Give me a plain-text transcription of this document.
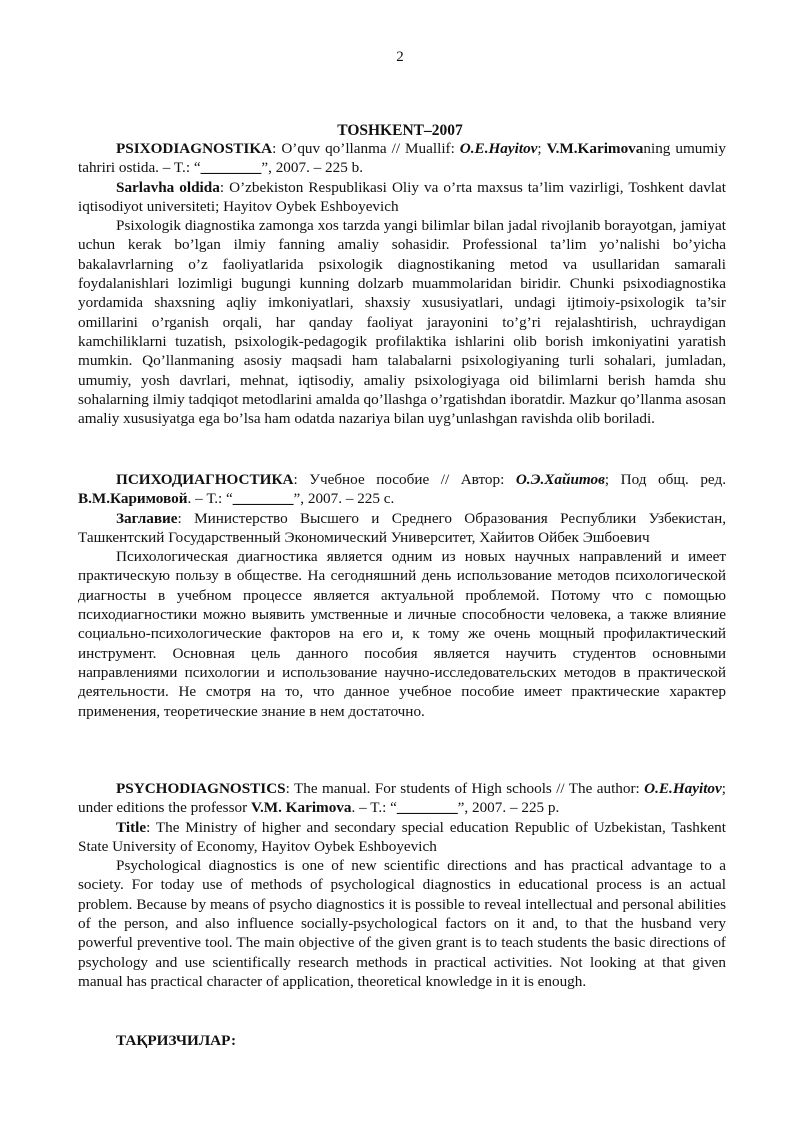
2
TOSHKENT–2007

PSIXODIAGNOSTIKA: O’quv qo’llanma // Muallif: O.E.Hayitov; V.M.Karimovaning umumiy tahriri ostida. – T.: “________”, 2007. – 225 b.

Sarlavha oldida: O’zbekiston Respublikasi Oliy va o’rta maxsus ta’lim vazirligi, Toshkent davlat iqtisodiyot universiteti; Hayitov Oybek Eshboyevich

Psixologik diagnostika zamonga xos tarzda yangi bilimlar bilan jadal rivojlanib borayotgan, jamiyat uchun kerak bo’lgan ilmiy fanning amaliy sohasidir. Professional ta’lim yo’nalishi bo’yicha bakalavrlarning o’z faoliyatlarida psixologik diagnostikaning metod va usullaridan samarali foydalanishlari lozimligi bugungi kunning dolzarb muammolaridan biridir. Chunki psixodiagnostika yordamida shaxsning aqliy imkoniyatlari, shaxsiy xususiyatlari, undagi ijtimoiy-psixologik ta’sir omillarini o’rganish orqali, har qanday faoliyat jarayonini to’g’ri rejalashtirish, uchraydigan kamchiliklarni tuzatish, psixologik-pedagogik profilaktika ishlarini olib borish imkoniyatini yaratish mumkin. Qo’llanmaning asosiy maqsadi ham talabalarni psixologiyaning turli sohalari, jumladan, umumiy, yosh davrlari, mehnat, iqtisodiy, amaliy psixologiyaga oid bilimlarni berish hamda shu sohalarning ilmiy tadqiqot metodlarini amalda qo’llashga o’rgatishdan iboratdir. Mazkur qo’llanma asosan amaliy xususiyatga ega bo’lsa ham odatda nazariya bilan uyg’unlashgan ravishda olib boriladi.

ПСИХОДИАГНОСТИКА: Учебное пособие // Автор: О.Э.Хайитов; Под общ. ред. В.М.Каримовой. – Т.: “________”, 2007. – 225 с.

Заглавие: Министерство Высшего и Среднего Образования Республики Узбекистан, Ташкентский Государственный Экономический Университет, Хайитов Ойбек Эшбоевич

Психологическая диагностика является одним из новых научных направлений и имеет практическую пользу в обществе. На сегодняшний день использование методов психологической диагносты в учебном процессе является актуальной проблемой. Потому что с помощью психодиагностики можно выявить умственные и личные способности человека, а также влияние социально-психологические факторов на его и, к тому же очень мощный профилактический инструмент. Основная цель данного пособия является научить студентов основными направлениями психологии и использование научно-исследовательских методов в практической деятельности. Не смотря на то, что данное учебное пособие имеет практические характер применения, теоретические знание в нем достаточно.

PSYCHODIAGNOSTICS: The manual. For students of High schools // The author: O.E.Hayitov; under editions the professor V.M. Karimova. – T.: “________”, 2007. – 225 p.

Title: The Ministry of higher and secondary special education Republic of Uzbekistan, Tashkent State University of Economy, Hayitov Oybek Eshboyevich

Psychological diagnostics is one of new scientific directions and has practical advantage to a society. For today use of methods of psychological diagnostics in educational process is an actual problem. Because by means of psycho diagnostics it is possible to reveal intellectual and personal abilities of the person, and also influence socially-psychological factors on it and, to that the husband very powerful preventive tool. The main objective of the given grant is to teach students the basic directions of psychology and use scientifically research methods in practical activities. Not looking at that given manual has practical character of application, theoretical knowledge in it is enough.

ТАҚРИЗЧИЛАР:
